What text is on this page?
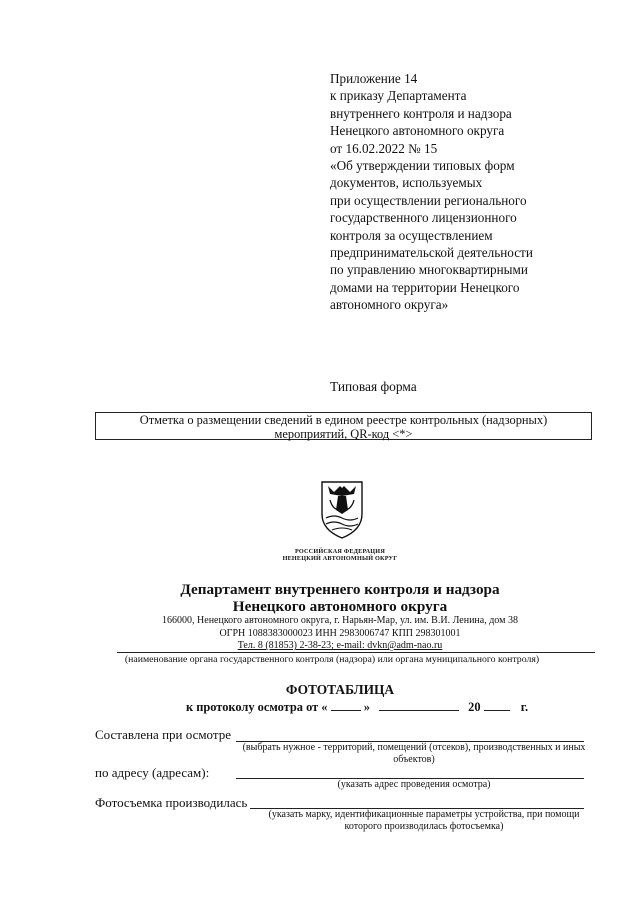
Приложение 14
к приказу Департамента
внутреннего контроля и надзора
Ненецкого автономного округа
от 16.02.2022 № 15
«Об утверждении типовых форм
документов, используемых
при осуществлении регионального
государственного лицензионного
контроля за осуществлением
предпринимательской деятельности
по управлению многоквартирными
домами на территории Ненецкого
автономного округа»
Типовая форма
Отметка о размещении сведений в едином реестре контрольных (надзорных)
мероприятий, QR-код <*>
РОССИЙСКАЯ ФЕДЕРАЦИЯ
НЕНЕЦКИЙ АВТОНОМНЫЙ ОКРУГ
Департамент внутреннего контроля и надзора
Ненецкого автономного округа
166000, Ненецкого автономного округа, г. Нарьян-Мар, ул. им. В.И. Ленина, дом 38
ОГРН 1088383000023 ИНН 2983006747 КПП 298301001
Тел. 8 (81853) 2-38-23; e-mail: dvkn@adm-nao.ru
(наименование органа государственного контроля (надзора) или органа муниципального контроля)
ФОТОТАБЛИЦА
к протоколу осмотра от «	»	20	г.
Составлена при осмотре
(выбрать нужное - территорий, помещений (отсеков), производственных и иных объектов)
по адресу (адресам):
(указать адрес проведения осмотра)
Фотосъемка производилась
(указать марку, идентификационные параметры устройства, при помощи которого производилась фотосъемка)
